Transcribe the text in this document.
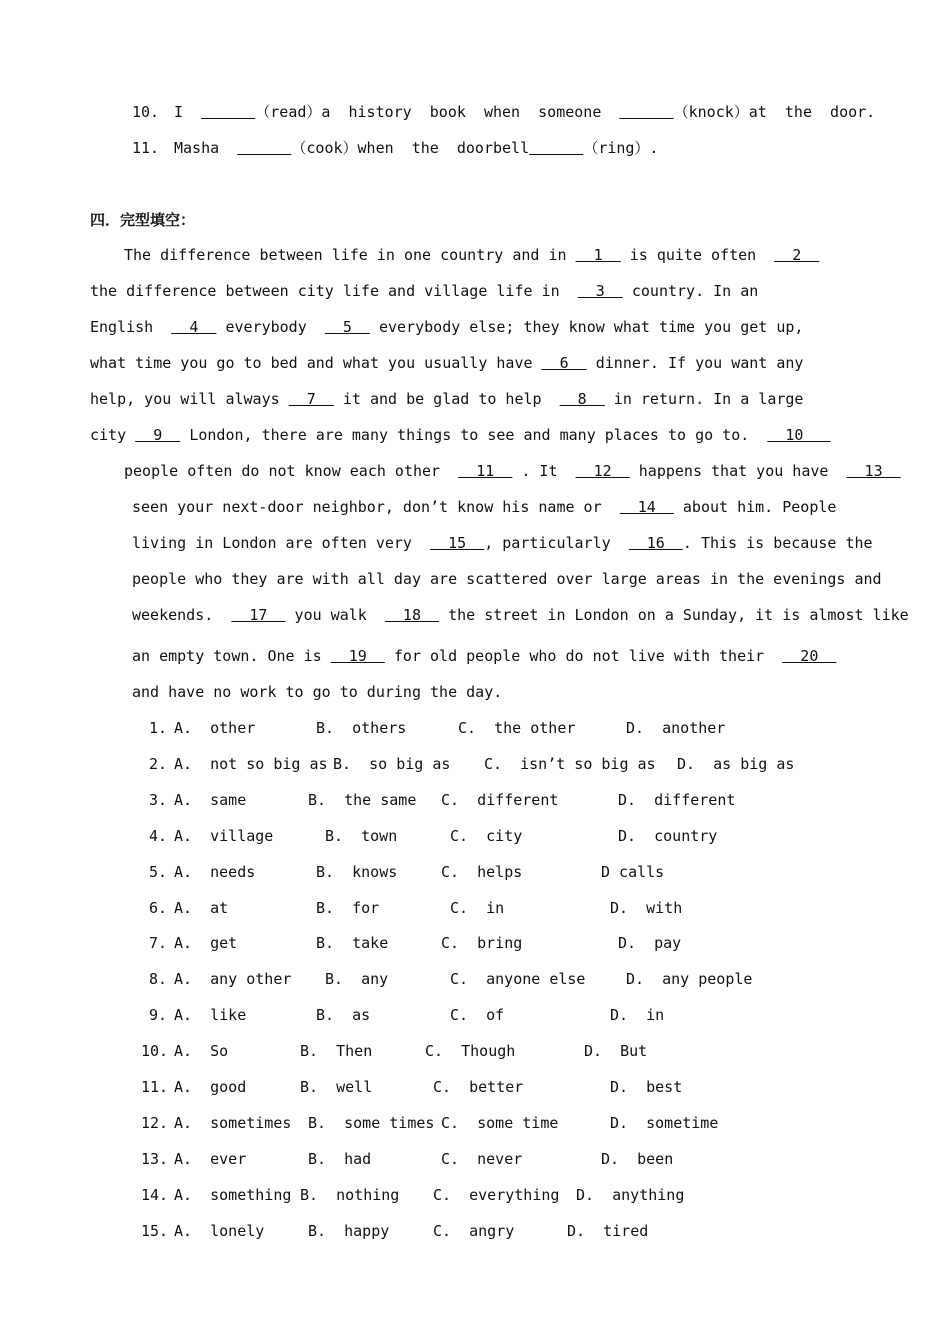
10. I	（read）a  history  book  when  someone	（knock）at  the  door.
11. Masha	（cook）when  the  doorbell	（ring）.
四．完型填空：
The difference between life in one country and in   1   is quite often    2
the difference between city life and village life in    3   country. In an
English    4   everybody    5   everybody else; they know what time you get up,
what time you go to bed and what you usually have   6   dinner. If you want any
help, you will always   7   it and be glad to help    8   in return. In a large
city   9   London, there are many things to see and many places to go to.    10
people often do not know each other    11   . It    12   happens that you have    13
seen your next-door neighbor, don’t know his name or    14   about him. People
living in London are often very    15  , particularly    16  . This is because the
people who they are with all day are scattered over large areas in the evenings and
weekends.    17   you walk    18   the street in London on a Sunday, it is almost like
an empty town. One is   19   for old people who do not live with their    20
and have no work to go to during the day.
1. A.  other	B.  others	C.  the other	D.  another
2. A.  not so big as B.  so big as C.  isn’t so big as D.  as big as
3. A.  same	B.  the same C.  different	D.  different
4. A.  village	B.  town	C.  city	D.  country
5. A.  needs	B.  knows	C.  helps	D calls
6. A.  at	B.  for	C.  in	D.  with
7. A.  get	B.  take	C.  bring	D.  pay
8. A.  any other B.  any	C.  anyone else	D.  any people
9. A.  like	B.  as	C.  of	D.  in
10. A.  So	B.  Then	C.  Though	D.  But
11. A.  good	B.  well	C.  better	D.  best
12. A.  sometimes B.  some times C.  some time	D.  sometime
13. A.  ever	B.  had	C.  never	D.  been
14. A.  something B.  nothing C.  everything D.  anything
15. A.  lonely	B.  happy	C.  angry	D.  tired
